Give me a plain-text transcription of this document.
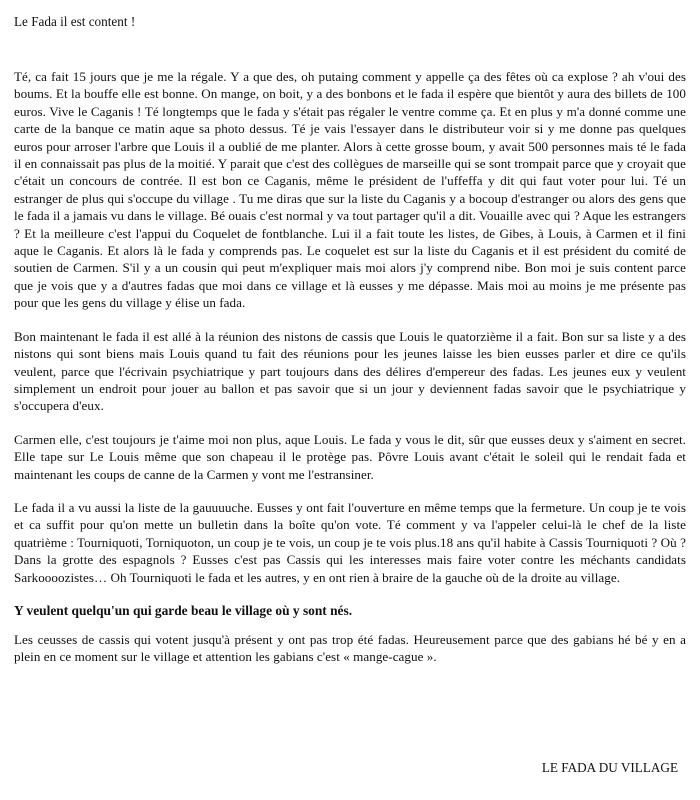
Le Fada il est content !

Té, ca fait 15 jours que je me la régale. Y a que des, oh putaing comment y appelle ça des fêtes où ca explose ? ah v'oui des boums. Et la bouffe elle est bonne. On mange, on boit, y a des bonbons et le fada il espère que bientôt y aura des billets de 100 euros. Vive le Caganis ! Té longtemps que le fada y s'était pas régaler le ventre comme ça. Et en plus y m'a donné comme une carte de la banque ce matin aque sa photo dessus. Té je vais l'essayer dans le distributeur voir si y me donne pas quelques euros pour arroser l'arbre que Louis il a oublié de me planter. Alors à cette grosse boum, y avait 500 personnes mais té le fada il en connaissait pas plus de la moitié. Y parait que c'est des collègues de marseille qui se sont trompait parce que y croyait que c'était un concours de contrée. Il est bon ce Caganis, même le président de l'uffeffa y dit qui faut voter pour lui. Té un estranger de plus qui s'occupe du village . Tu me diras que sur la liste du Caganis y a bocoup d'estranger ou alors des gens que le fada il a jamais vu dans le village. Bé ouais c'est normal y va tout partager qu'il a dit. Vouaille avec qui ? Aque les estrangers ? Et la meilleure c'est l'appui du Coquelet de fontblanche. Lui il a fait toute les listes, de Gibes, à Louis, à Carmen et il fini aque le Caganis. Et alors là le fada y comprends pas. Le coquelet est sur la liste du Caganis et il est président du comité de soutien de Carmen. S'il y a un cousin qui peut m'expliquer mais moi alors j'y comprend nibe. Bon moi je suis content parce que je vois que y a d'autres fadas que moi dans ce village et là eusses y me dépasse. Mais moi au moins je me présente pas pour que les gens du village y élise un fada.

Bon maintenant le fada il est allé à la réunion des nistons de cassis que Louis le quatorzième il a fait. Bon sur sa liste y a des nistons qui sont biens mais Louis quand tu fait des réunions pour les jeunes laisse les bien eusses parler et dire ce qu'ils veulent, parce que l'écrivain psychiatrique y part toujours dans des délires d'empereur des fadas. Les jeunes eux y veulent simplement un endroit pour jouer au ballon et pas savoir que si un jour y deviennent fadas savoir que le psychiatrique y s'occupera d'eux.

Carmen elle, c'est toujours je t'aime moi non plus, aque Louis. Le fada y vous le dit, sûr que eusses deux y s'aiment en secret. Elle tape sur Le Louis même que son chapeau il le protège pas. Pôvre Louis avant c'était le soleil qui le rendait fada et maintenant les coups de canne de la Carmen y vont me l'estransiner.

Le fada il a vu aussi la liste de la gauuuuche. Eusses y ont fait l'ouverture en même temps que la fermeture. Un coup je te vois et ca suffit pour qu'on mette un bulletin dans la boîte qu'on vote. Té comment y va l'appeler celui-là le chef de la liste quatrième : Tourniquoti, Torniquoton, un coup je te vois, un coup je te vois plus.18 ans qu'il habite à Cassis Tourniquoti ? Où ? Dans la grotte des espagnols ? Eusses c'est pas Cassis qui les interesses mais faire voter contre les méchants candidats Sarkoooozistes… Oh Tourniquoti le fada et les autres, y en ont rien à braire de la gauche où de la droite au village.

Y veulent quelqu'un qui garde beau le village où y sont nés.

Les ceusses de cassis qui votent jusqu'à présent y ont pas trop été fadas. Heureusement parce que des gabians hé bé y en a plein en ce moment sur le village et attention les gabians c'est « mange-cague ».

LE FADA DU VILLAGE
